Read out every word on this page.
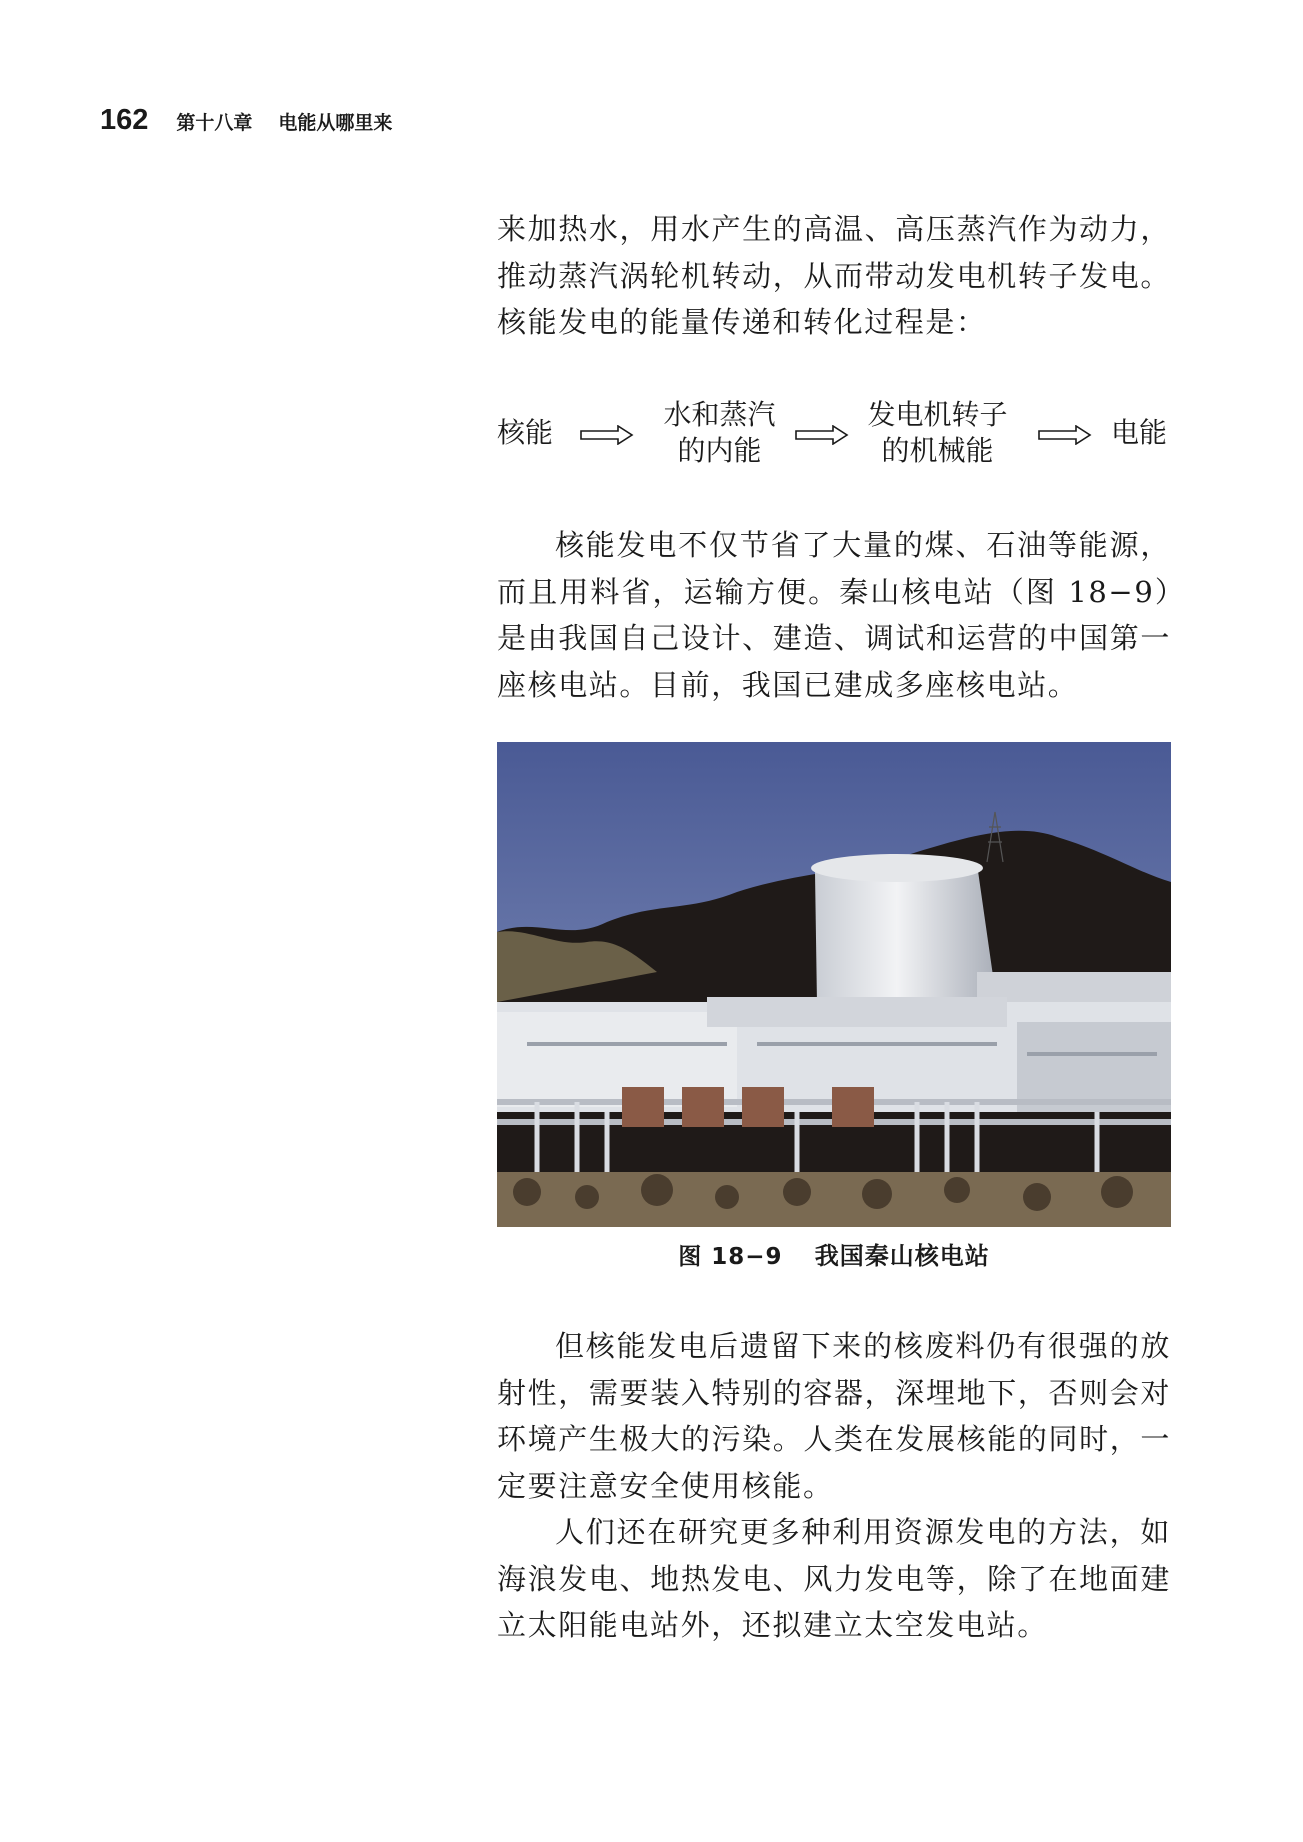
162 第十八章 电能从哪里来

来加热水，用水产生的高温、高压蒸汽作为动力，推动蒸汽涡轮机转动，从而带动发电机转子发电。核能发电的能量传递和转化过程是：

核能
水和蒸汽
的内能
发电机转子
的机械能
电能

核能发电不仅节省了大量的煤、石油等能源，而且用料省，运输方便。秦山核电站（图 18−9）是由我国自己设计、建造、调试和运营的中国第一座核电站。目前，我国已建成多座核电站。

图 18−9 我国秦山核电站

但核能发电后遗留下来的核废料仍有很强的放射性，需要装入特别的容器，深埋地下，否则会对环境产生极大的污染。人类在发展核能的同时，一定要注意安全使用核能。

人们还在研究更多种利用资源发电的方法，如海浪发电、地热发电、风力发电等，除了在地面建立太阳能电站外，还拟建立太空发电站。
